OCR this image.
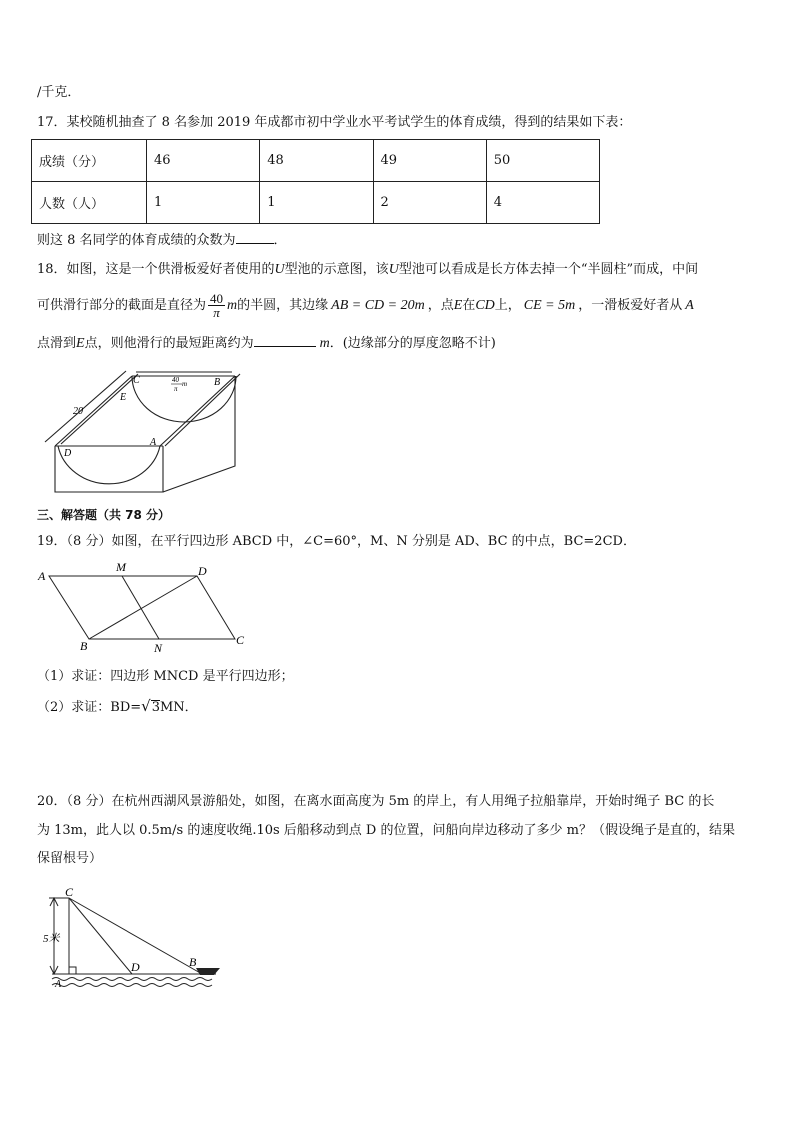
/千克．
17．某校随机抽查了 8 名参加 2019 年成都市初中学业水平考试学生的体育成绩，得到的结果如下表：
成绩（分）	46	48	49	50
人数（人）	1	1	2	4
则这 8 名同学的体育成绩的众数为	．
18．如图，这是一个供滑板爱好者使用的U型池的示意图，该U型池可以看成是长方体去掉一个“半圆柱”而成，中间
可供滑行部分的截面是直径为 $\frac{40}{\pi}$ m的半圆，其边缘 AB = CD = 20m ，点E在CD上， CE = 5m ，一滑板爱好者从 A
点滑到E点，则他滑行的最短距离约为	m．(边缘部分的厚度忽略不计)
C	B
E
A
D
20
40
π
m
三、解答题（共 78 分）
19．（8 分）如图，在平行四边形 ABCD 中，∠C=60°，M、N 分别是 AD、BC 的中点，BC=2CD．
A
M	D
B	N
C
（1）求证：四边形 MNCD 是平行四边形；
（2）求证：BD=√3MN．
20．（8 分）在杭州西湖风景游船处，如图，在离水面高度为 5m 的岸上，有人用绳子拉船靠岸，开始时绳子 BC 的长
为 13m，此人以 0.5m/s 的速度收绳.10s 后船移动到点 D 的位置，问船向岸边移动了多少 m？（假设绳子是直的，结果
保留根号）
C
5米
D	B
A
